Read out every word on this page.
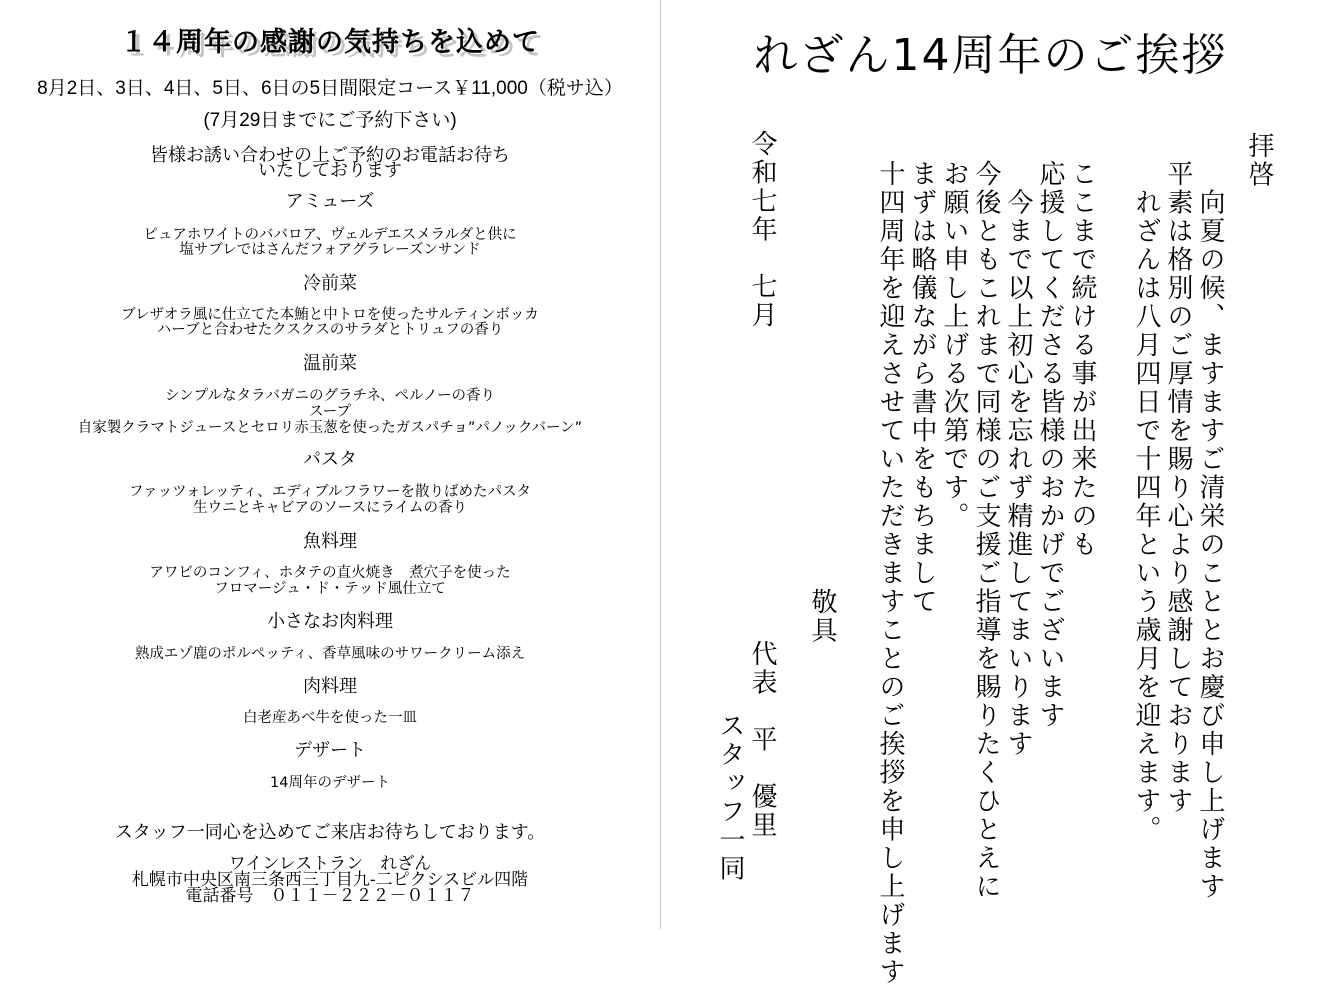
１４周年の感謝の気持ちを込めて

8月2日、3日、4日、5日、6日の5日間限定コース￥11,000（税サ込）

(7月29日までにご予約下さい)

皆様お誘い合わせの上ご予約のお電話お待ち

いたしております

アミューズ

ピュアホワイトのババロア、ヴェルデエスメラルダと供に

塩サブレではさんだフォアグラレーズンサンド

冷前菜

ブレザオラ風に仕立てた本鮪と中トロを使ったサルティンボッカ

ハーブと合わせたクスクスのサラダとトリュフの香り

温前菜

シンプルなタラバガニのグラチネ、ペルノーの香り

スープ

自家製クラマトジュースとセロリ赤玉葱を使ったガスパチョ”パノックバーン”

パスタ

ファッツォレッティ、エディブルフラワーを散りばめたパスタ

生ウニとキャビアのソースにライムの香り

魚料理

アワビのコンフィ、ホタテの直火焼き　煮穴子を使った

フロマージュ・ド・テッド風仕立て

小さなお肉料理

熟成エゾ鹿のポルペッティ、香草風味のサワークリーム添え

肉料理

白老産あべ牛を使った一皿

デザート

14周年のデザート

スタッフ一同心を込めてご来店お待ちしております。

ワインレストラン　れざん

札幌市中央区南三条西三丁目九-二ピクシスビル四階

電話番号　０１１－２２２－０１１７

れざん14周年のご挨拶
拝啓
　向夏の候、ますますご清栄のこととお慶び申し上げます
平素は格別のご厚情を賜り心より感謝しております
　れざんは八月四日で十四年という歳月を迎えます。
ここまで続ける事が出来たのも
応援してくださる皆様のおかげでございます
　今まで以上初心を忘れず精進してまいります
今後ともこれまで同様のご支援ご指導を賜りたくひとえに
お願い申し上げる次第です。
まずは略儀ながら書中をもちまして
十四周年を迎えさせていただきますことのご挨拶を申し上げます
敬具
令和七年　七月
代表　平　優里
スタッフ一同
